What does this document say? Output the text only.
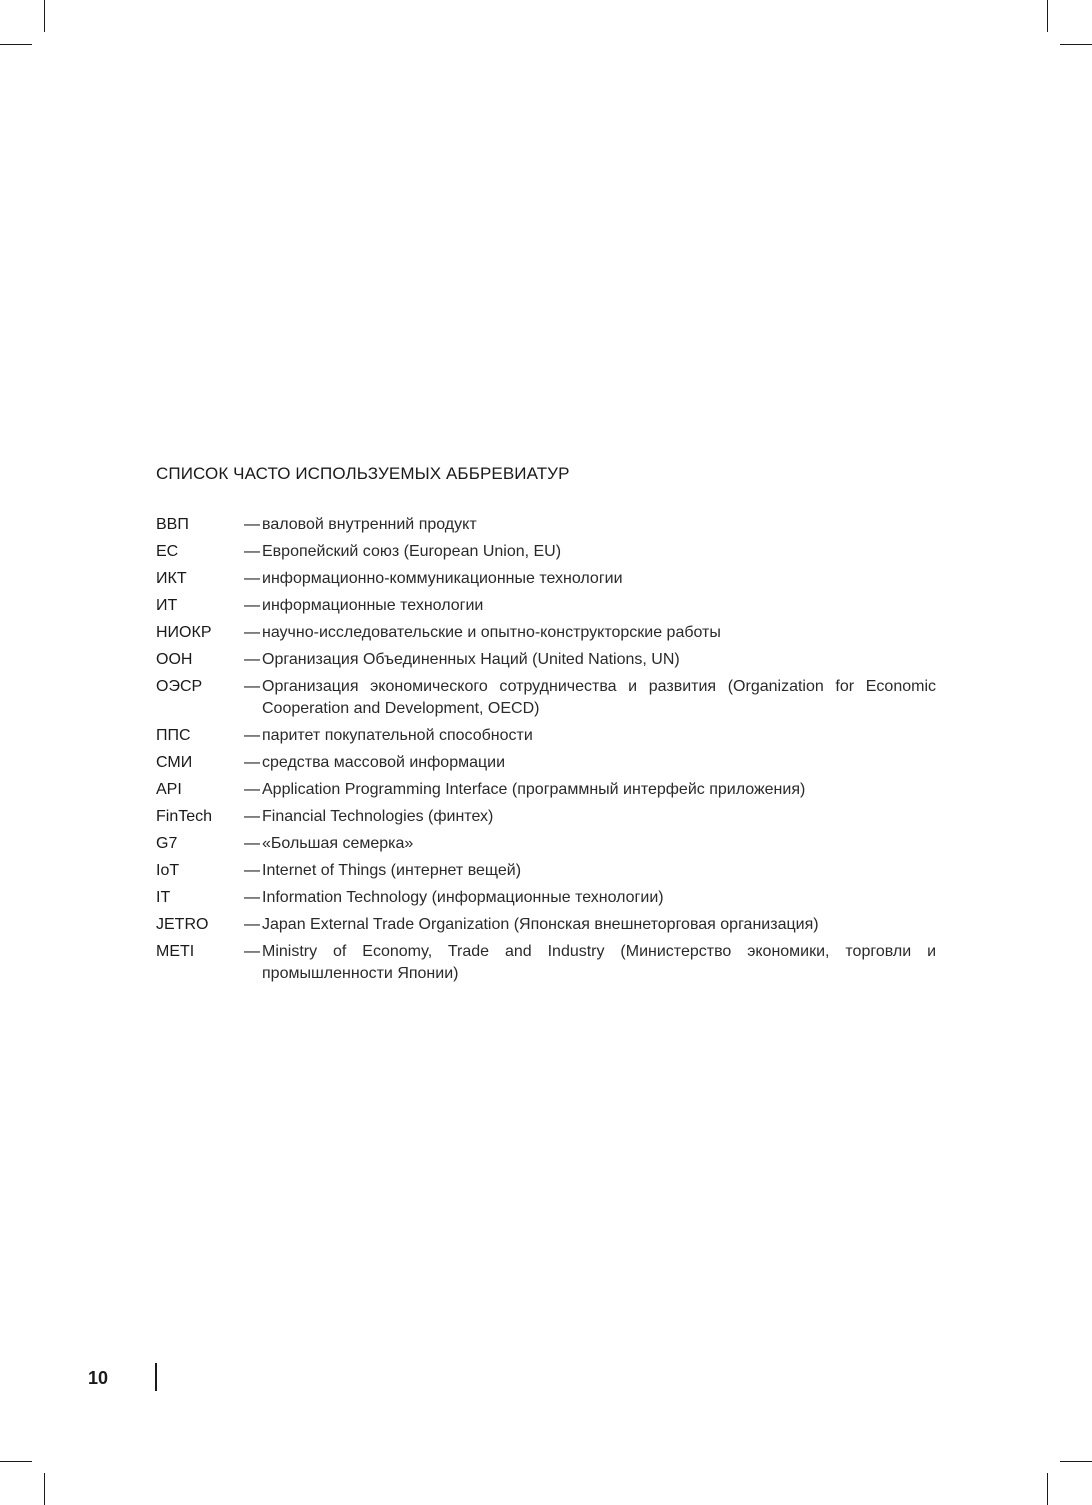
СПИСОК ЧАСТО ИСПОЛЬЗУЕМЫХ АББРЕВИАТУР
ВВП	— валовой внутренний продукт
ЕС	— Европейский союз (European Union, EU)
ИКТ	— информационно-коммуникационные технологии
ИТ	— информационные технологии
НИОКР	— научно-исследовательские и опытно-конструкторские работы
ООН	— Организация Объединенных Наций (United Nations, UN)
ОЭСР	— Организация экономического сотрудничества и развития (Organization for Economic Cooperation and Development, OECD)
ППС	— паритет покупательной способности
СМИ	— средства массовой информации
API	— Application Programming Interface (программный интерфейс приложения)
FinTech	— Financial Technologies (финтех)
G7	— «Большая семерка»
IoT	— Internet of Things (интернет вещей)
IT	— Information Technology (информационные технологии)
JETRO	— Japan External Trade Organization (Японская внешнеторговая организация)
METI	— Ministry of Economy, Trade and Industry (Министерство экономики, торговли и промышленности Японии)
10
